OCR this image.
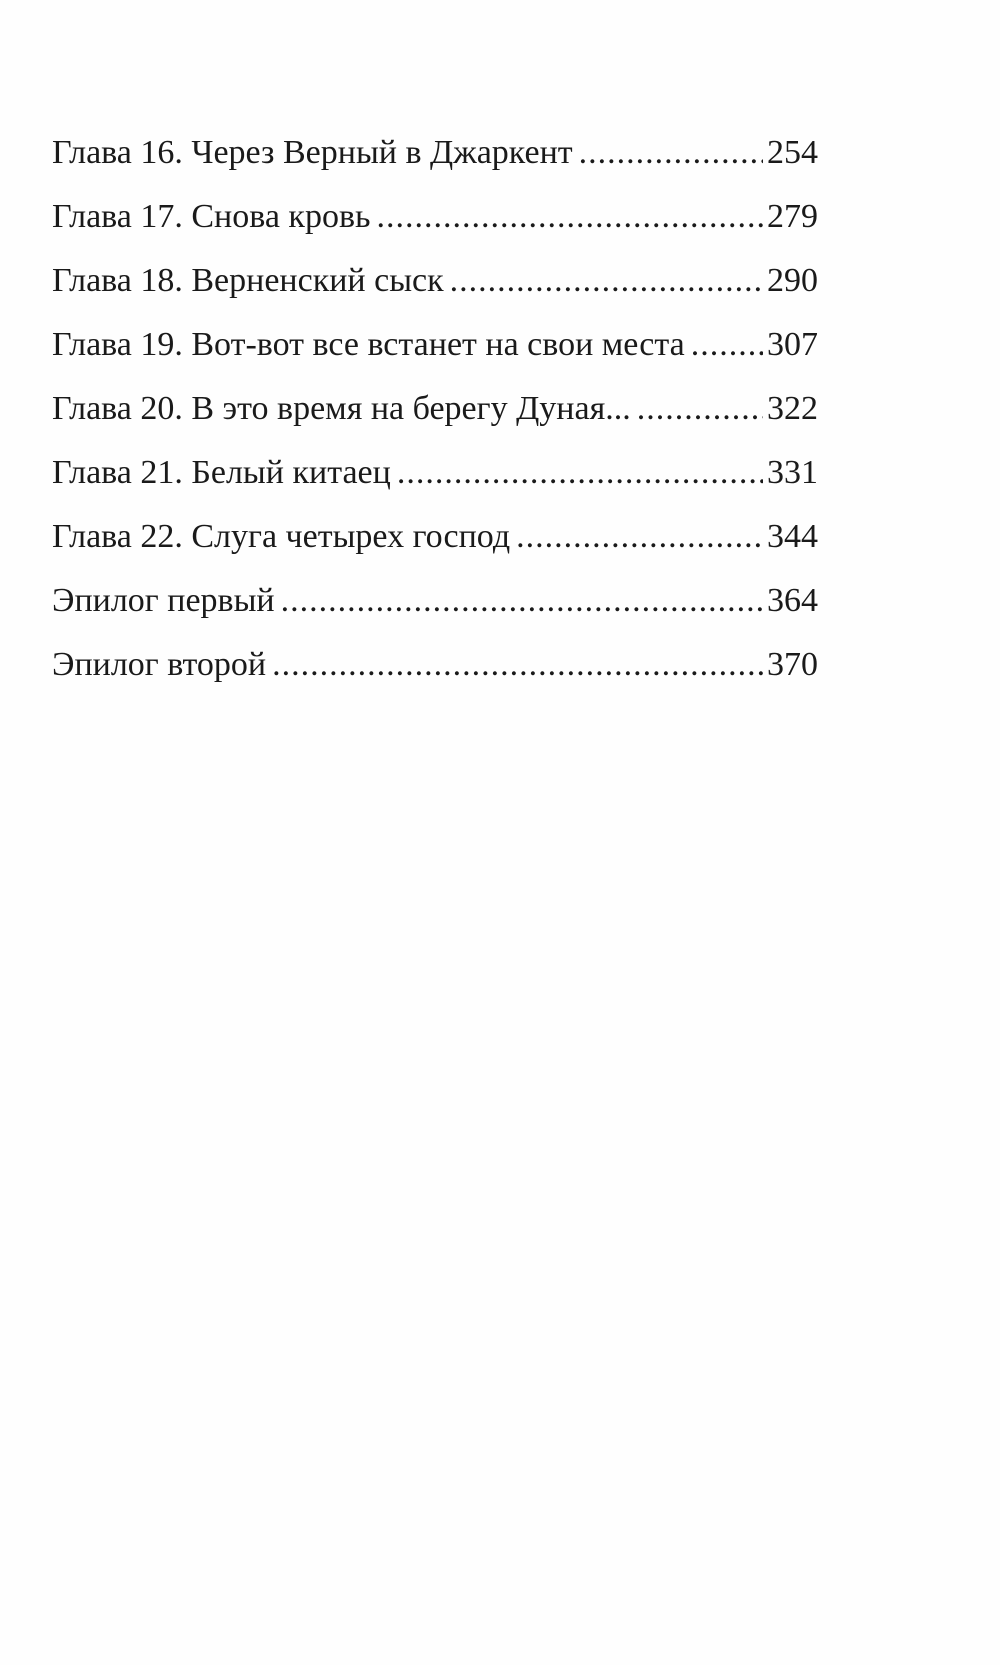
Глава 16. Через Верный в Джаркент .....	254
Глава 17. Снова кровь .....	279
Глава 18. Верненский сыск .....	290
Глава 19. Вот-вот все встанет на свои места ..... 307
Глава 20. В это время на берегу Дуная... .....	322
Глава 21. Белый китаец .....	331
Глава 22. Слуга четырех господ .....	344
Эпилог первый .....	364
Эпилог второй .....	370
